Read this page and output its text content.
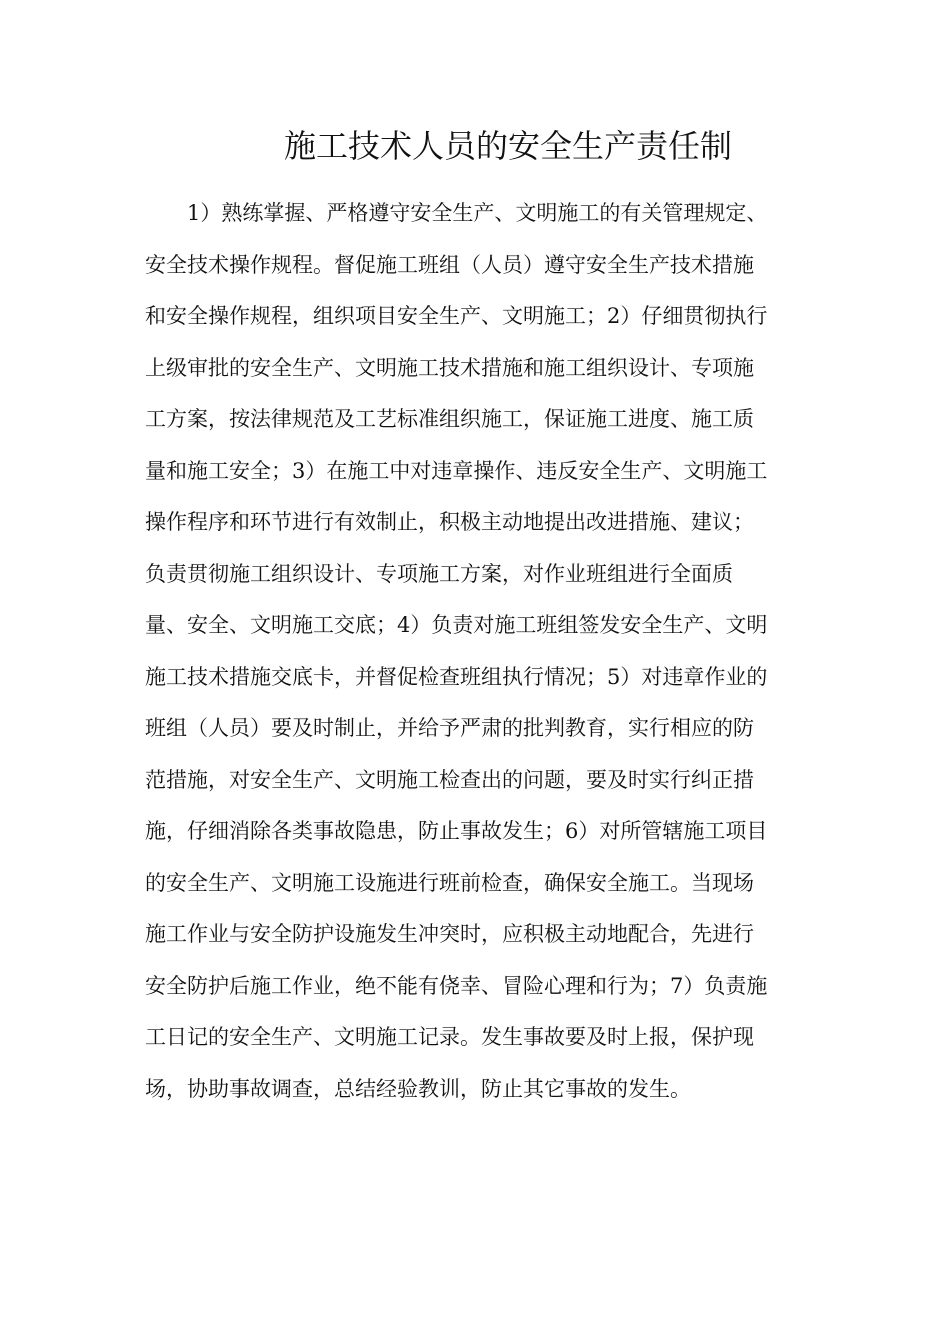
施工技术人员的安全生产责任制
1）熟练掌握、严格遵守安全生产、文明施工的有关管理规定、
安全技术操作规程。督促施工班组（人员）遵守安全生产技术措施
和安全操作规程，组织项目安全生产、文明施工；2）仔细贯彻执行
上级审批的安全生产、文明施工技术措施和施工组织设计、专项施
工方案，按法律规范及工艺标准组织施工，保证施工进度、施工质
量和施工安全；3）在施工中对违章操作、违反安全生产、文明施工
操作程序和环节进行有效制止，积极主动地提出改进措施、建议；
负责贯彻施工组织设计、专项施工方案，对作业班组进行全面质
量、安全、文明施工交底；4）负责对施工班组签发安全生产、文明
施工技术措施交底卡，并督促检查班组执行情况；5）对违章作业的
班组（人员）要及时制止，并给予严肃的批判教育，实行相应的防
范措施，对安全生产、文明施工检查出的问题，要及时实行纠正措
施，仔细消除各类事故隐患，防止事故发生；6）对所管辖施工项目
的安全生产、文明施工设施进行班前检查，确保安全施工。当现场
施工作业与安全防护设施发生冲突时，应积极主动地配合，先进行
安全防护后施工作业，绝不能有侥幸、冒险心理和行为；7）负责施
工日记的安全生产、文明施工记录。发生事故要及时上报，保护现
场，协助事故调查，总结经验教训，防止其它事故的发生。
